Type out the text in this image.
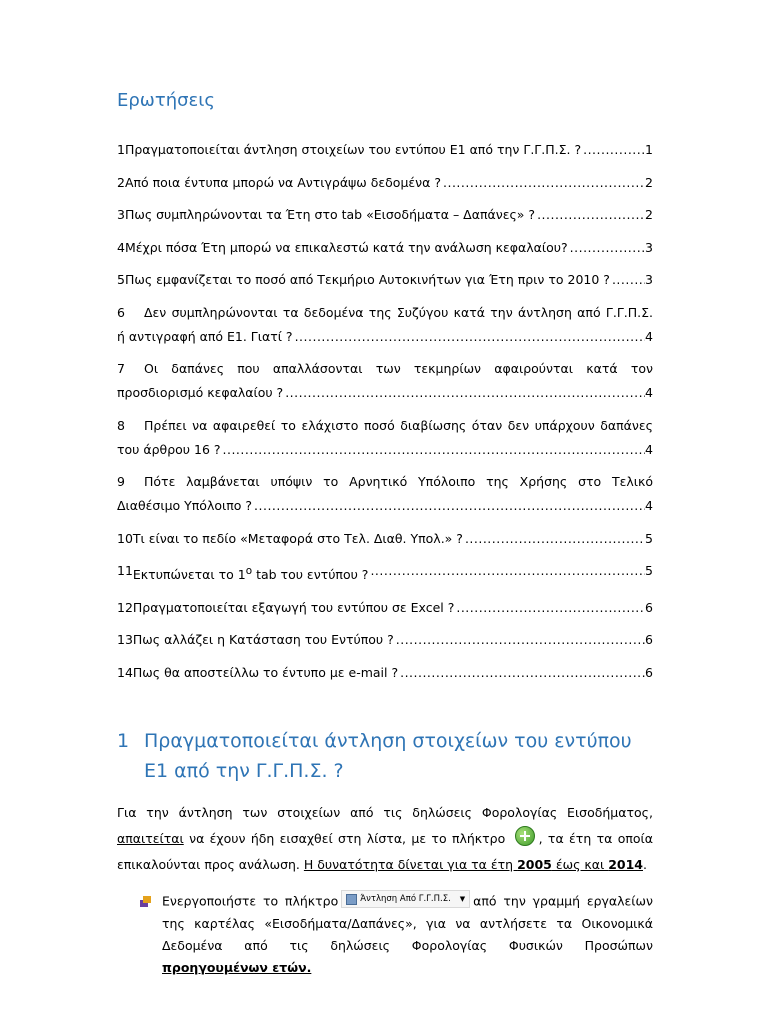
Ερωτήσεις
1 Πραγματοποιείται άντληση στοιχείων του εντύπου Ε1 από την Γ.Γ.Π.Σ. ? .....	1
2 Από ποια έντυπα μπορώ να Αντιγράψω δεδομένα ? .....	2
3 Πως συμπληρώνονται τα Έτη στο tab «Εισοδήματα – Δαπάνες» ? .....	2
4 Μέχρι πόσα Έτη μπορώ να επικαλεστώ κατά την ανάλωση κεφαλαίου? .....	3
5 Πως εμφανίζεται το ποσό από Τεκμήριο Αυτοκινήτων για Έτη πριν το 2010 ? .....	3
6 Δεν συμπληρώνονται τα δεδομένα της Συζύγου κατά την άντληση από Γ.Γ.Π.Σ.
ή αντιγραφή από Ε1. Γιατί ? .....	4
7 Οι δαπάνες που απαλλάσονται των τεκμηρίων αφαιρούνται κατά τον
προσδιορισμό κεφαλαίου ? .....	4
8 Πρέπει να αφαιρεθεί το ελάχιστο ποσό διαβίωσης όταν δεν υπάρχουν δαπάνες
του άρθρου 16 ? .....	4
9 Πότε λαμβάνεται υπόψιν το Αρνητικό Υπόλοιπο της Χρήσης στο Τελικό
Διαθέσιμο Υπόλοιπο ? .....	4
10 Τι είναι το πεδίο «Μεταφορά στο Τελ. Διαθ. Υπολ.» ? .....	5
11 Εκτυπώνεται το $1^o$ tab του εντύπου ? .....	5
12 Πραγματοποιείται εξαγωγή του εντύπου σε Excel ? .....	6
13 Πως αλλάζει η Κατάσταση του Εντύπου ? .....	6
14 Πως θα αποστείλλω το έντυπο με e-mail ? .....	6
1 Πραγματοποιείται άντληση στοιχείων του εντύπου Ε1 από την Γ.Γ.Π.Σ. ?
Για την άντληση των στοιχείων από τις δηλώσεις Φορολογίας Εισοδήματος, απαιτείται να έχουν ήδη εισαχθεί στη λίστα, με το πλήκτρο , τα έτη τα οποία επικαλούνται προς ανάλωση. Η δυνατότητα δίνεται για τα έτη 2005 έως και 2014.
Ενεργοποιήστε το πλήκτρο	Άντληση Από Γ.Γ.Π.Σ. ▼ από την γραμμή εργαλείων της καρτέλας «Εισοδήματα/Δαπάνες», για να αντλήσετε τα Οικονομικά Δεδομένα από τις δηλώσεις Φορολογίας Φυσικών Προσώπων προηγουμένων ετών.
